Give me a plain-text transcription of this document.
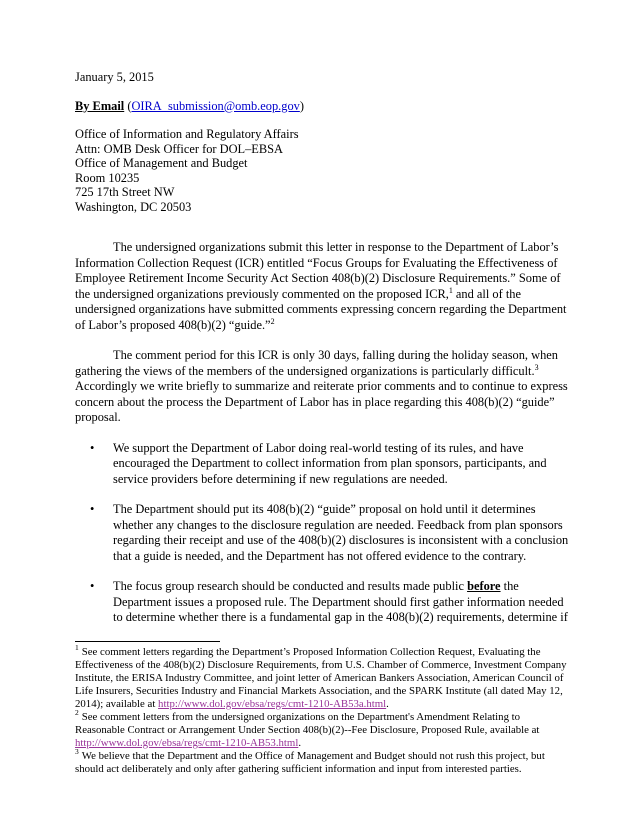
January 5, 2015
By Email (OIRA_submission@omb.eop.gov)
Office of Information and Regulatory Affairs
Attn: OMB Desk Officer for DOL–EBSA
Office of Management and Budget
Room 10235
725 17th Street NW
Washington, DC 20503
The undersigned organizations submit this letter in response to the Department of Labor’s Information Collection Request (ICR) entitled “Focus Groups for Evaluating the Effectiveness of Employee Retirement Income Security Act Section 408(b)(2) Disclosure Requirements.” Some of the undersigned organizations previously commented on the proposed ICR,$^1$ and all of the undersigned organizations have submitted comments expressing concern regarding the Department of Labor’s proposed 408(b)(2) “guide.”$^2$
The comment period for this ICR is only 30 days, falling during the holiday season, when gathering the views of the members of the undersigned organizations is particularly difficult.$^3$ Accordingly we write briefly to summarize and reiterate prior comments and to continue to express concern about the process the Department of Labor has in place regarding this 408(b)(2) “guide” proposal.
•	We support the Department of Labor doing real-world testing of its rules, and have encouraged the Department to collect information from plan sponsors, participants, and service providers before determining if new regulations are needed.
•	The Department should put its 408(b)(2) “guide” proposal on hold until it determines whether any changes to the disclosure regulation are needed. Feedback from plan sponsors regarding their receipt and use of the 408(b)(2) disclosures is inconsistent with a conclusion that a guide is needed, and the Department has not offered evidence to the contrary.
•	The focus group research should be conducted and results made public before the Department issues a proposed rule. The Department should first gather information needed to determine whether there is a fundamental gap in the 408(b)(2) requirements, determine if
$^1$ See comment letters regarding the Department’s Proposed Information Collection Request, Evaluating the Effectiveness of the 408(b)(2) Disclosure Requirements, from U.S. Chamber of Commerce, Investment Company Institute, the ERISA Industry Committee, and joint letter of American Bankers Association, American Council of Life Insurers, Securities Industry and Financial Markets Association, and the SPARK Institute (all dated May 12, 2014); available at http://www.dol.gov/ebsa/regs/cmt-1210-AB53a.html.
$^2$ See comment letters from the undersigned organizations on the Department's Amendment Relating to Reasonable Contract or Arrangement Under Section 408(b)(2)--Fee Disclosure, Proposed Rule, available at http://www.dol.gov/ebsa/regs/cmt-1210-AB53.html.
$^3$ We believe that the Department and the Office of Management and Budget should not rush this project, but should act deliberately and only after gathering sufficient information and input from interested parties.
